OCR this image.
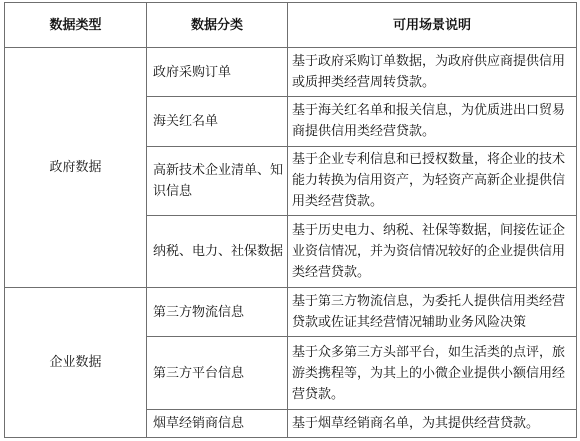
数据类型	数据分类	可用场景说明
政府数据	政府采购订单	基于政府采购订单数据，为政府供应商提供信用或质押类经营周转贷款。
	海关红名单	基于海关红名单和报关信息，为优质进出口贸易商提供信用类经营贷款。
	高新技术企业清单、知识信息	基于企业专利信息和已授权数量，将企业的技术能力转换为信用资产，为轻资产高新企业提供信用类经营贷款。
	纳税、电力、社保数据	基于历史电力、纳税、社保等数据，间接佐证企业资信情况，并为资信情况较好的企业提供信用类经营贷款。
企业数据	第三方物流信息	基于第三方物流信息，为委托人提供信用类经营贷款或佐证其经营情况辅助业务风险决策
	第三方平台信息	基于众多第三方头部平台，如生活类的点评，旅游类携程等，为其上的小微企业提供小额信用经营贷款。
	烟草经销商信息	基于烟草经销商名单，为其提供经营贷款。
